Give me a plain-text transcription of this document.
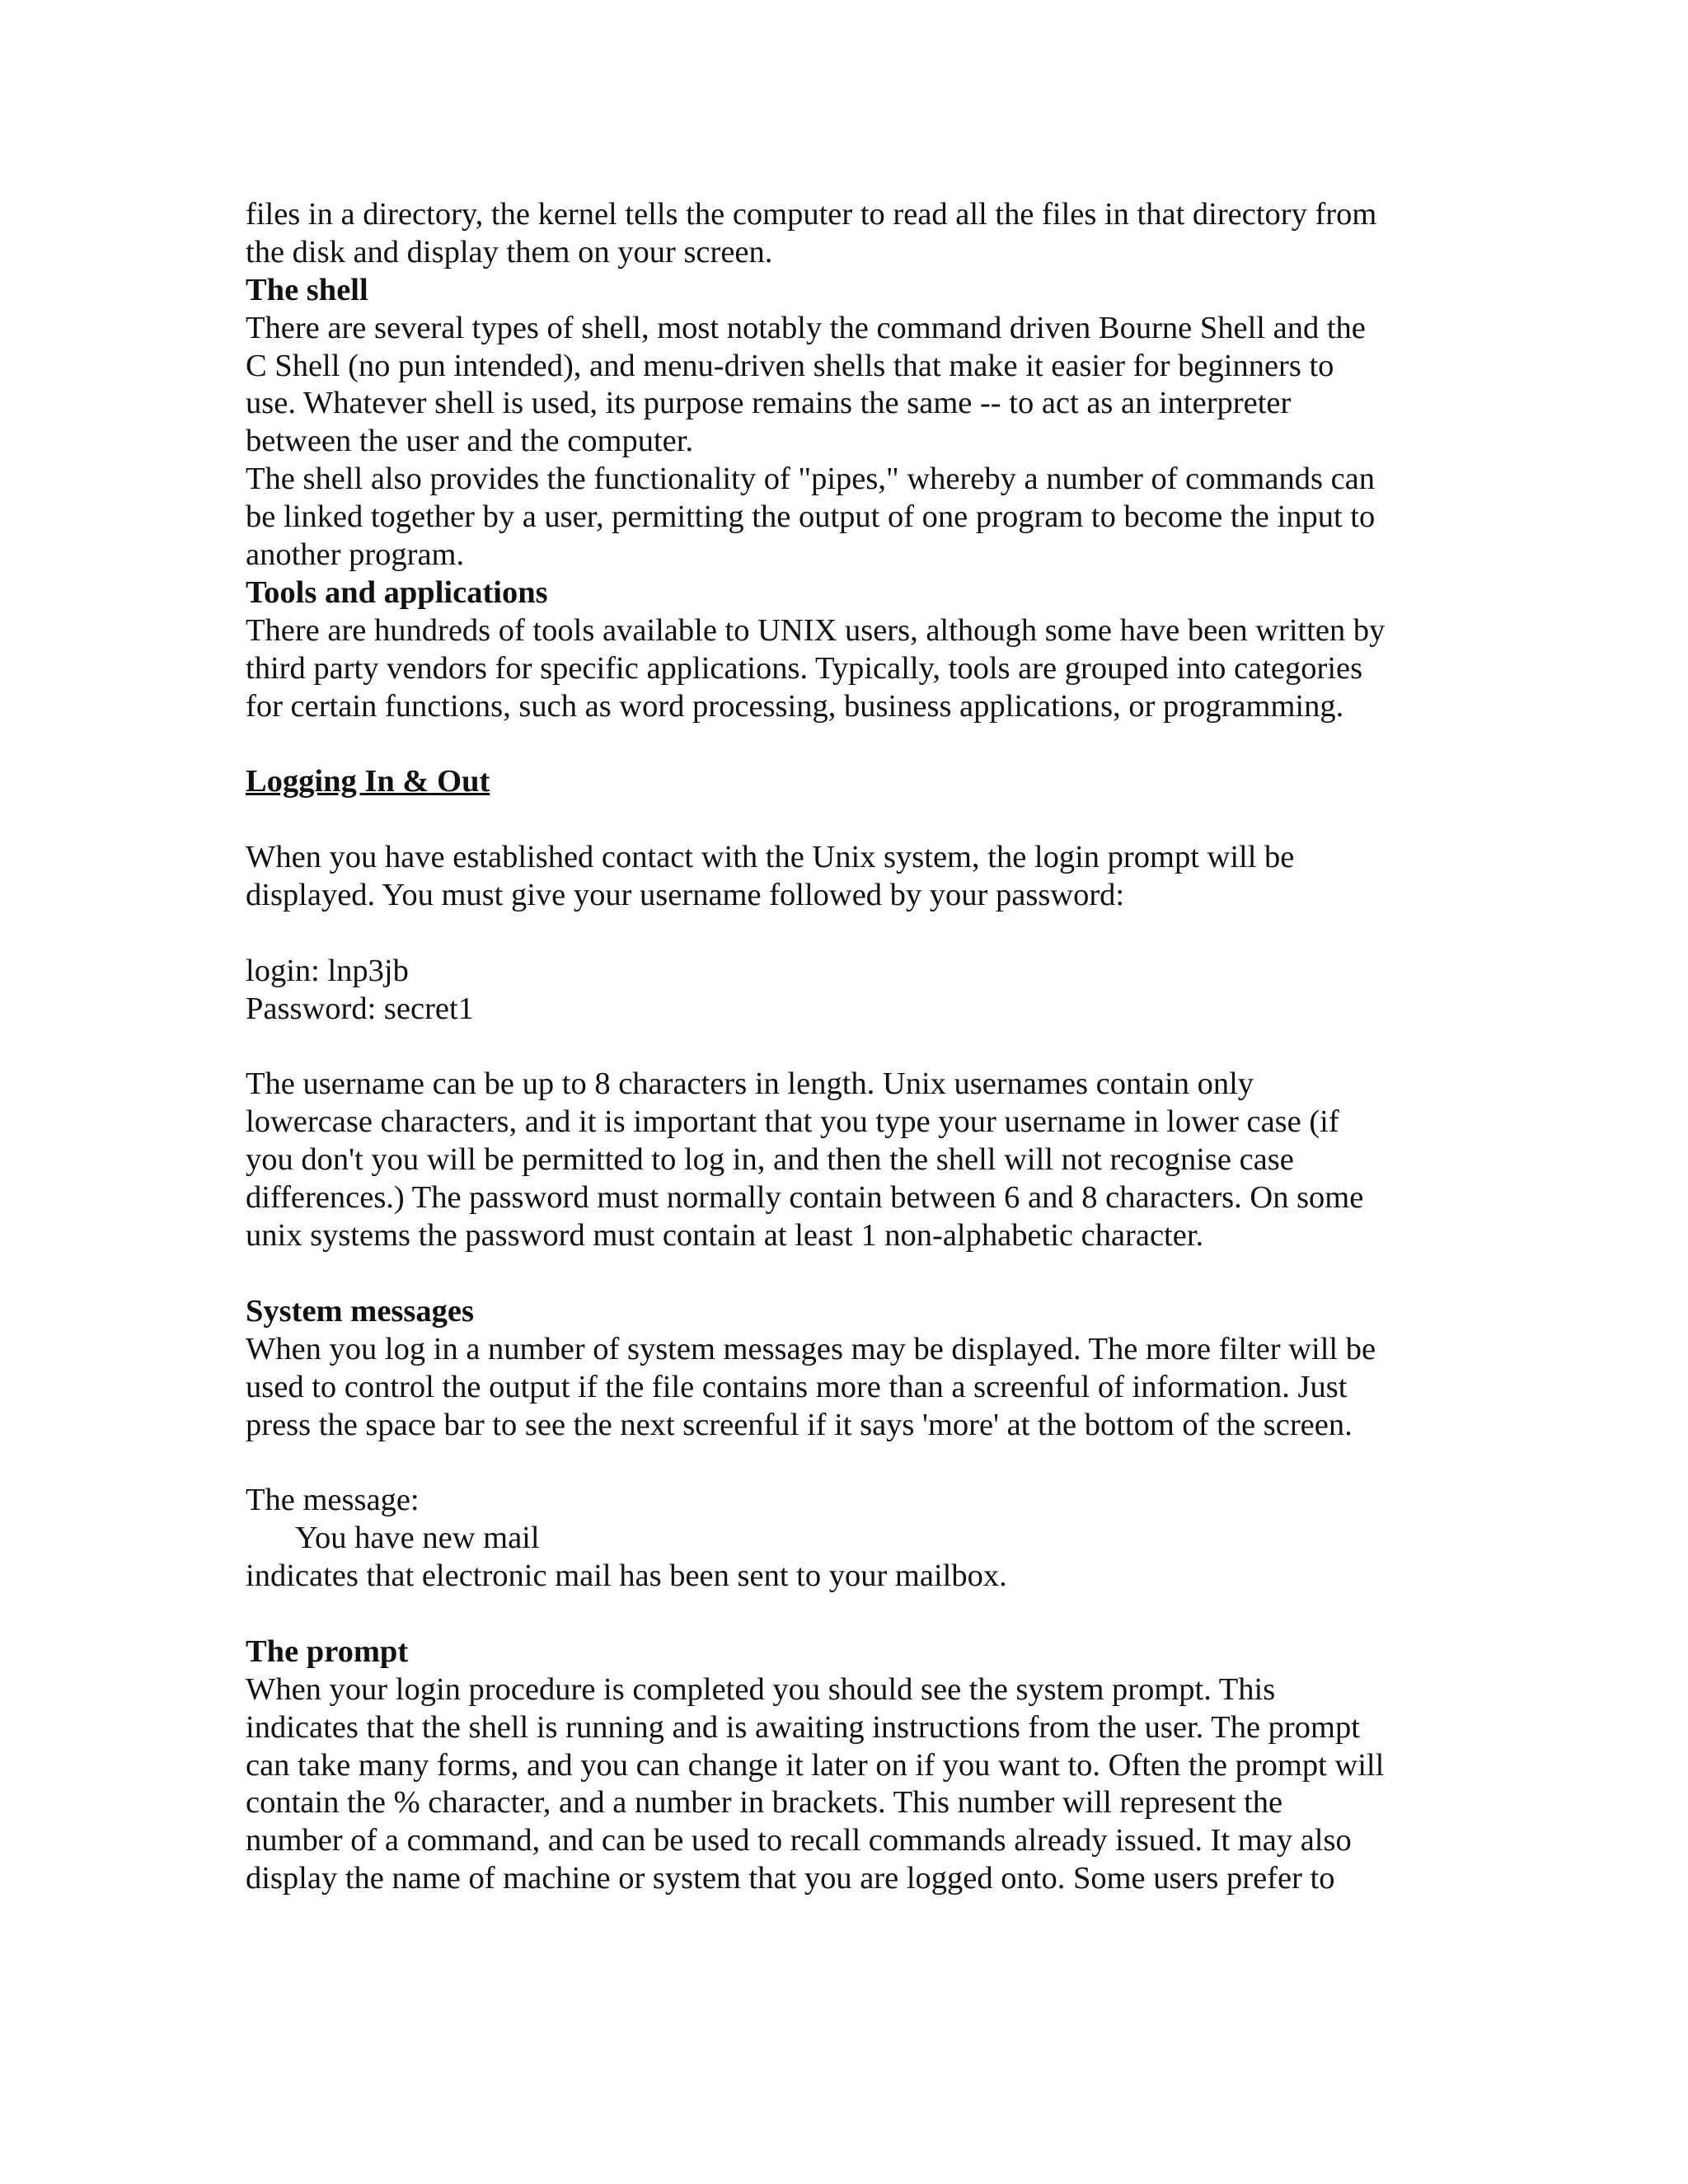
files in a directory, the kernel tells the computer to read all the files in that directory from
the disk and display them on your screen.
The shell
There are several types of shell, most notably the command driven Bourne Shell and the
C Shell (no pun intended), and menu-driven shells that make it easier for beginners to
use. Whatever shell is used, its purpose remains the same -- to act as an interpreter
between the user and the computer.
The shell also provides the functionality of "pipes," whereby a number of commands can
be linked together by a user, permitting the output of one program to become the input to
another program.
Tools and applications
There are hundreds of tools available to UNIX users, although some have been written by
third party vendors for specific applications. Typically, tools are grouped into categories
for certain functions, such as word processing, business applications, or programming.
Logging In & Out
When you have established contact with the Unix system, the login prompt will be
displayed. You must give your username followed by your password:
login: lnp3jb
Password: secret1
The username can be up to 8 characters in length. Unix usernames contain only
lowercase characters, and it is important that you type your username in lower case (if
you don't you will be permitted to log in, and then the shell will not recognise case
differences.) The password must normally contain between 6 and 8 characters. On some
unix systems the password must contain at least 1 non-alphabetic character.
System messages
When you log in a number of system messages may be displayed. The more filter will be
used to control the output if the file contains more than a screenful of information. Just
press the space bar to see the next screenful if it says 'more' at the bottom of the screen.
The message:
You have new mail
indicates that electronic mail has been sent to your mailbox.
The prompt
When your login procedure is completed you should see the system prompt. This
indicates that the shell is running and is awaiting instructions from the user. The prompt
can take many forms, and you can change it later on if you want to. Often the prompt will
contain the % character, and a number in brackets. This number will represent the
number of a command, and can be used to recall commands already issued. It may also
display the name of machine or system that you are logged onto. Some users prefer to
